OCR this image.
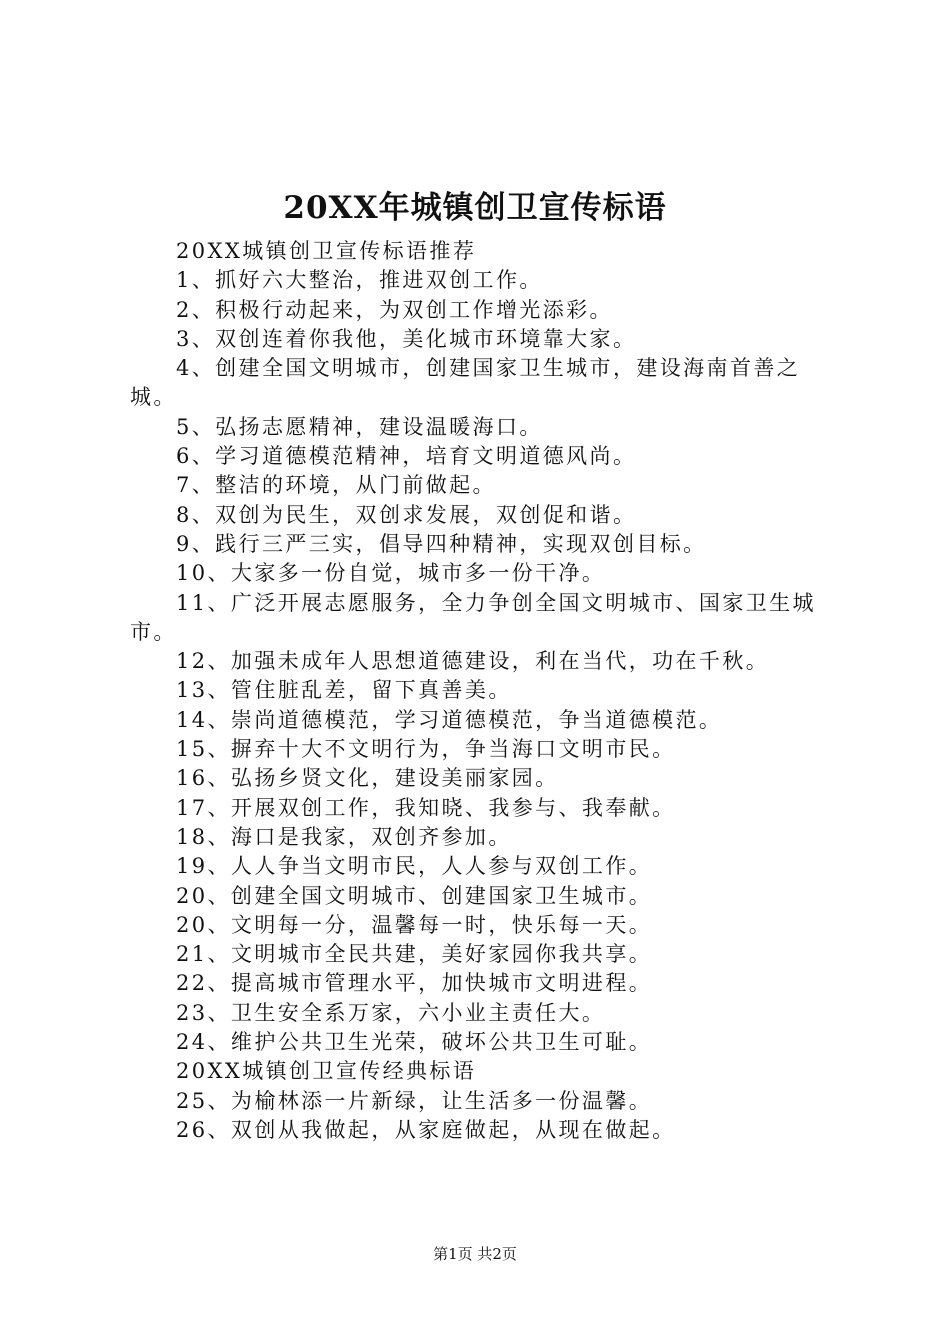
20XX年城镇创卫宣传标语

20XX城镇创卫宣传标语推荐

1、抓好六大整治，推进双创工作。

2、积极行动起来，为双创工作增光添彩。

3、双创连着你我他，美化城市环境靠大家。

4、创建全国文明城市，创建国家卫生城市，建设海南首善之城。

5、弘扬志愿精神，建设温暖海口。

6、学习道德模范精神，培育文明道德风尚。

7、整洁的环境，从门前做起。

8、双创为民生，双创求发展，双创促和谐。

9、践行三严三实，倡导四种精神，实现双创目标。

10、大家多一份自觉，城市多一份干净。

11、广泛开展志愿服务，全力争创全国文明城市、国家卫生城市。

12、加强未成年人思想道德建设，利在当代，功在千秋。

13、管住脏乱差，留下真善美。

14、崇尚道德模范，学习道德模范，争当道德模范。

15、摒弃十大不文明行为，争当海口文明市民。

16、弘扬乡贤文化，建设美丽家园。

17、开展双创工作，我知晓、我参与、我奉献。

18、海口是我家，双创齐参加。

19、人人争当文明市民，人人参与双创工作。

20、创建全国文明城市、创建国家卫生城市。

20、文明每一分，温馨每一时，快乐每一天。

21、文明城市全民共建，美好家园你我共享。

22、提高城市管理水平，加快城市文明进程。

23、卫生安全系万家，六小业主责任大。

24、维护公共卫生光荣，破坏公共卫生可耻。

20XX城镇创卫宣传经典标语

25、为榆林添一片新绿，让生活多一份温馨。

26、双创从我做起，从家庭做起，从现在做起。

第1页 共2页
